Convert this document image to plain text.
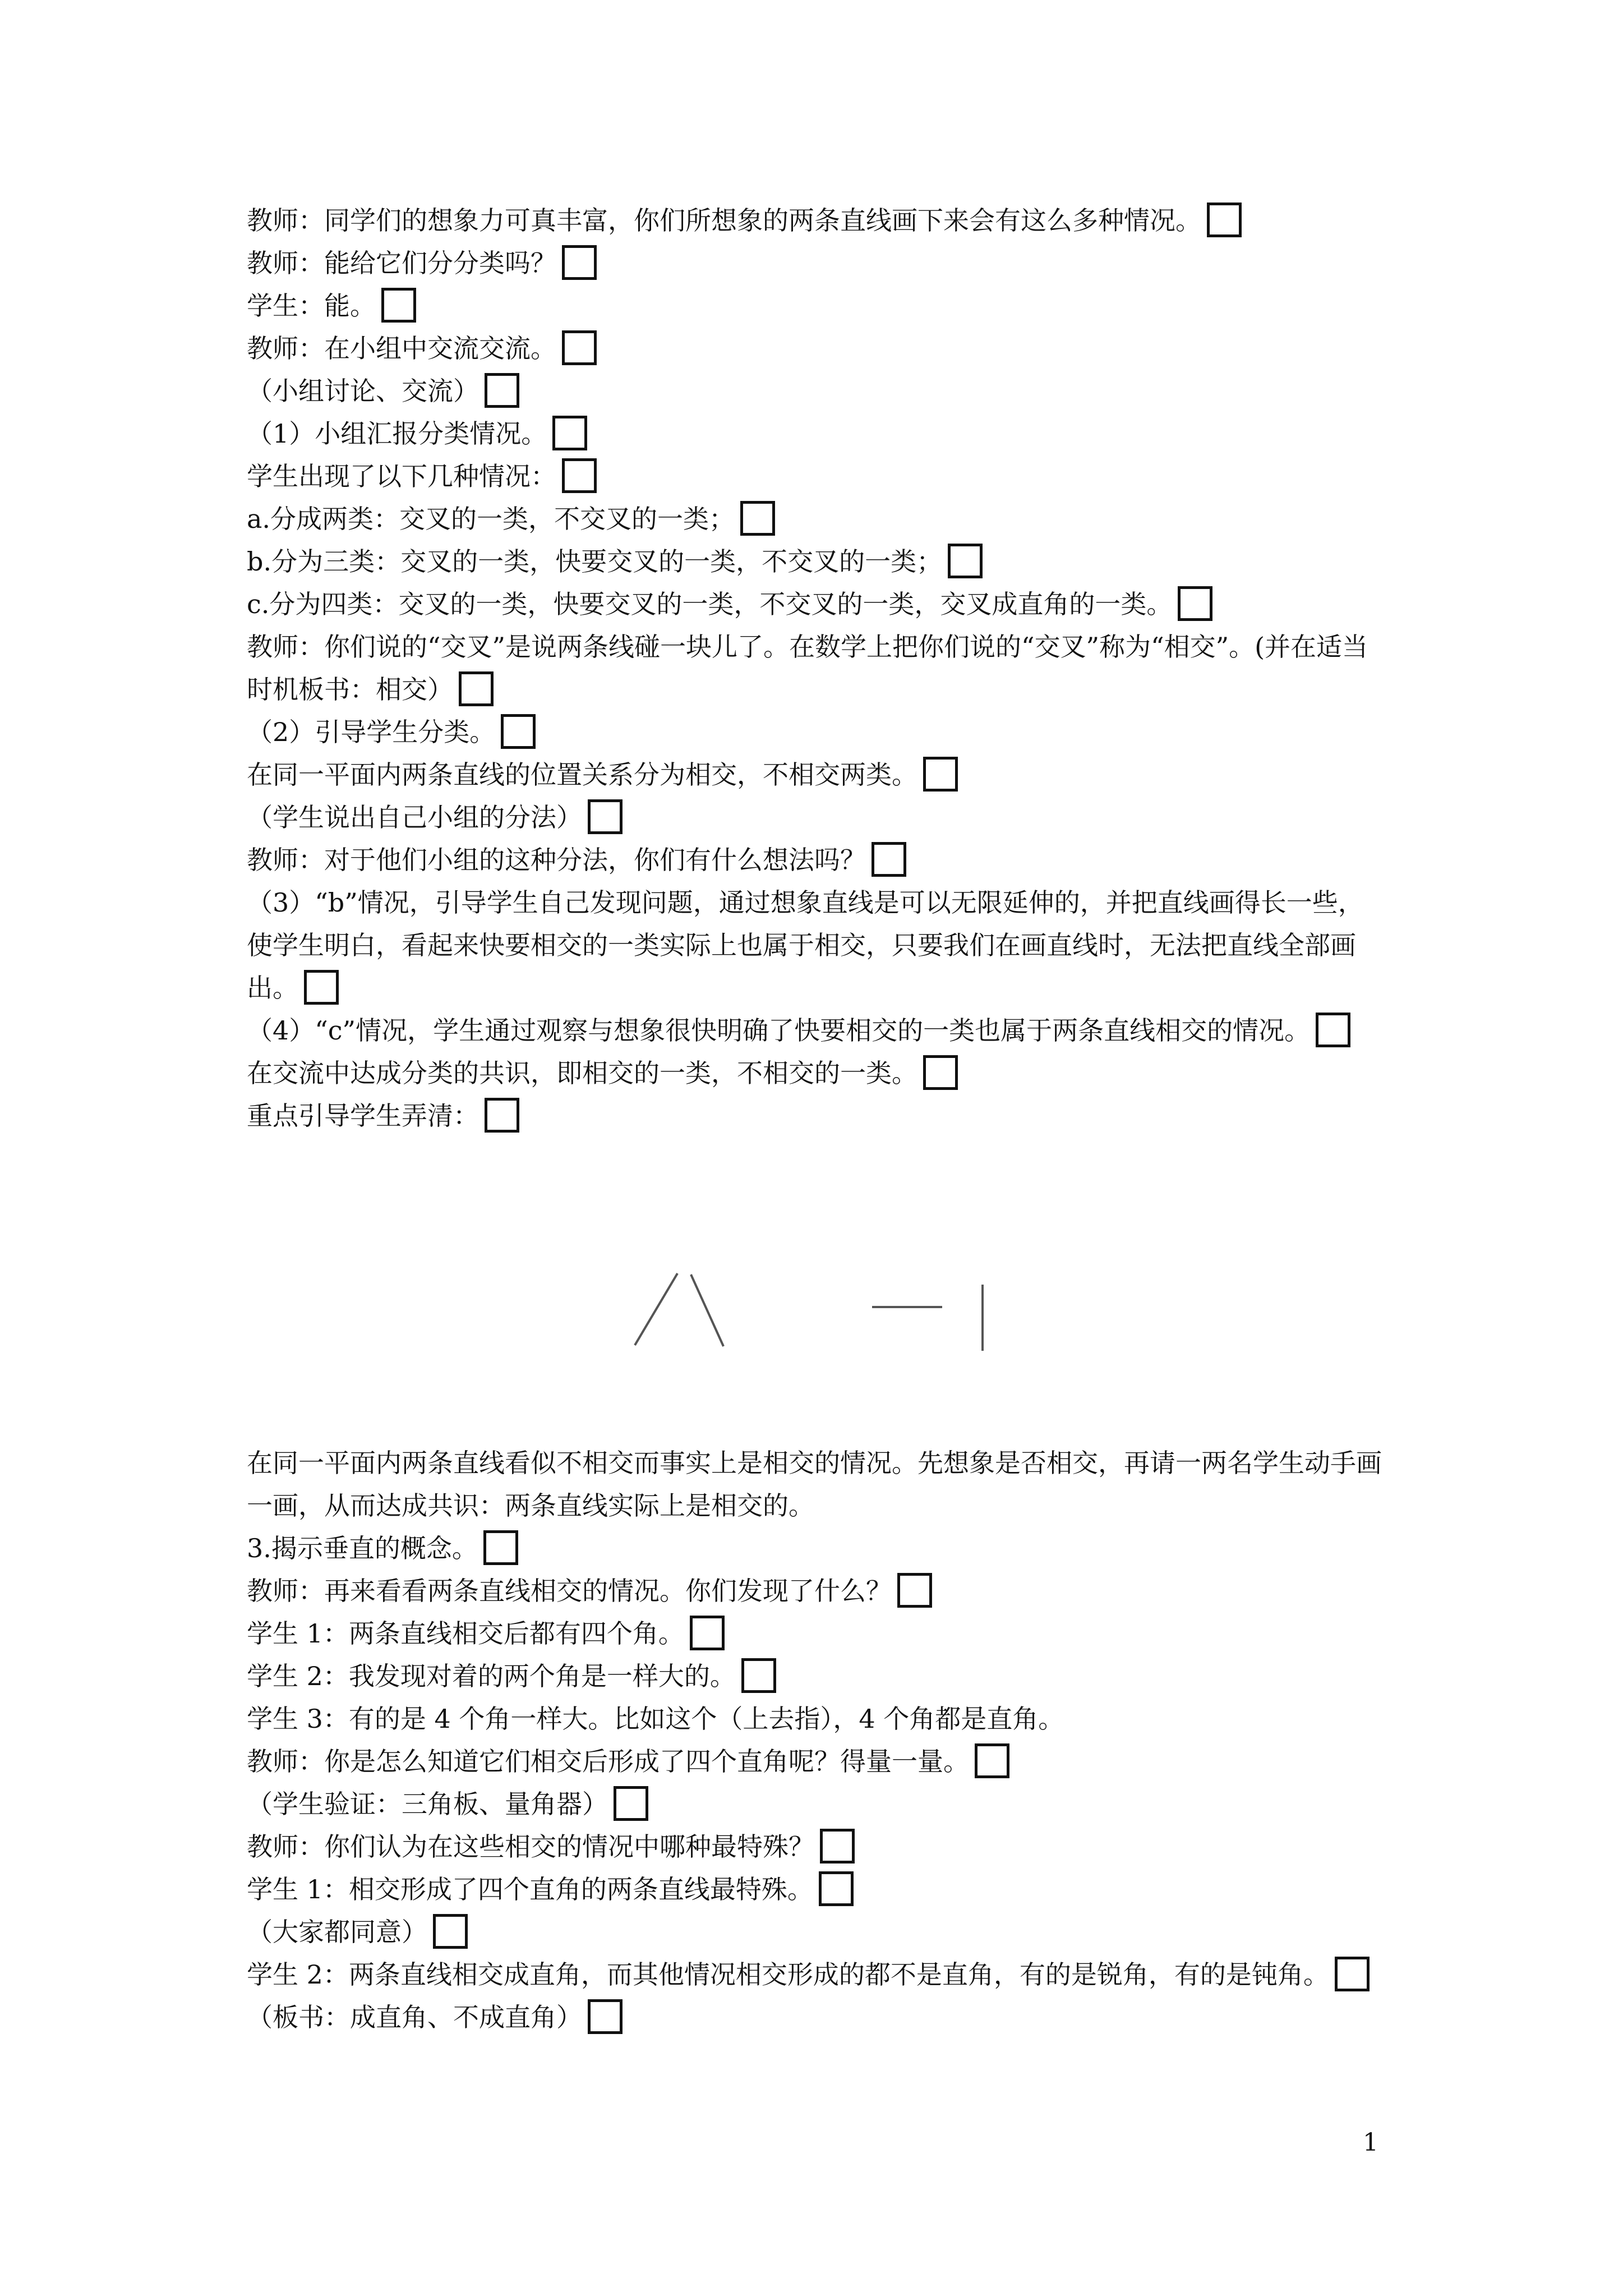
教师：同学们的想象力可真丰富，你们所想象的两条直线画下来会有这么多种情况。

教师：能给它们分分类吗？

学生：能。

教师：在小组中交流交流。

（小组讨论、交流）

（1）小组汇报分类情况。

学生出现了以下几种情况：

a.分成两类：交叉的一类，不交叉的一类；

b.分为三类：交叉的一类，快要交叉的一类，不交叉的一类；

c.分为四类：交叉的一类，快要交叉的一类，不交叉的一类，交叉成直角的一类。

教师：你们说的“交叉”是说两条线碰一块儿了。在数学上把你们说的“交叉”称为“相交”。(并在适当时机板书：相交）

（2）引导学生分类。

在同一平面内两条直线的位置关系分为相交，不相交两类。

（学生说出自己小组的分法）

教师：对于他们小组的这种分法，你们有什么想法吗？

（3）“b”情况，引导学生自己发现问题，通过想象直线是可以无限延伸的，并把直线画得长一些，使学生明白，看起来快要相交的一类实际上也属于相交，只要我们在画直线时，无法把直线全部画出。

（4）“c”情况，学生通过观察与想象很快明确了快要相交的一类也属于两条直线相交的情况。

在交流中达成分类的共识，即相交的一类，不相交的一类。

重点引导学生弄清：

在同一平面内两条直线看似不相交而事实上是相交的情况。先想象是否相交，再请一两名学生动手画一画，从而达成共识：两条直线实际上是相交的。

3.揭示垂直的概念。

教师：再来看看两条直线相交的情况。你们发现了什么？

学生 1：两条直线相交后都有四个角。

学生 2：我发现对着的两个角是一样大的。

学生 3：有的是 4 个角一样大。比如这个（上去指），4 个角都是直角。

教师：你是怎么知道它们相交后形成了四个直角呢？得量一量。

（学生验证：三角板、量角器）

教师：你们认为在这些相交的情况中哪种最特殊？

学生 1：相交形成了四个直角的两条直线最特殊。

（大家都同意）

学生 2：两条直线相交成直角，而其他情况相交形成的都不是直角，有的是锐角，有的是钝角。

（板书：成直角、不成直角）

1
